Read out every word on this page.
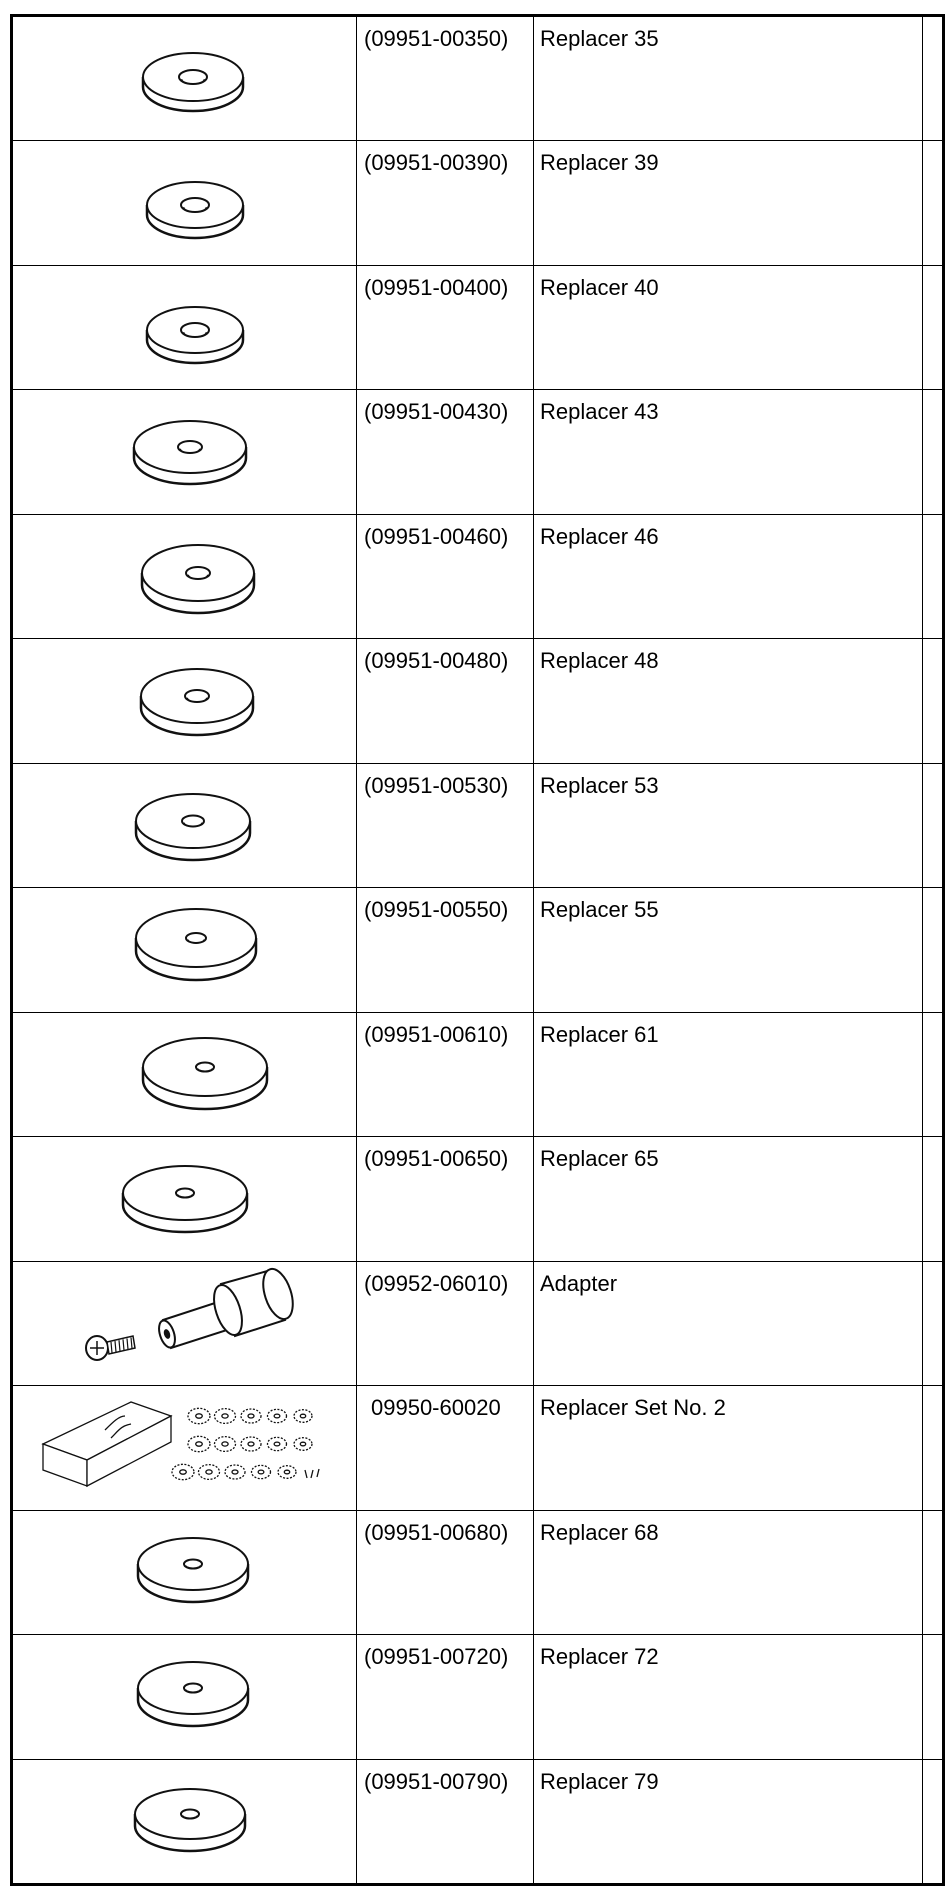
(09951-00350)	Replacer 35	

(09951-00390)	Replacer 39	

(09951-00400)	Replacer 40	

(09951-00430)	Replacer 43	

(09951-00460)	Replacer 46	

(09951-00480)	Replacer 48	

(09951-00530)	Replacer 53	

(09951-00550)	Replacer 55	

(09951-00610)	Replacer 61	

(09951-00650)	Replacer 65	

(09952-06010)	Adapter	

09950-60020	Replacer Set No. 2	

(09951-00680)	Replacer 68	

(09951-00720)	Replacer 72	

(09951-00790)	Replacer 79	
